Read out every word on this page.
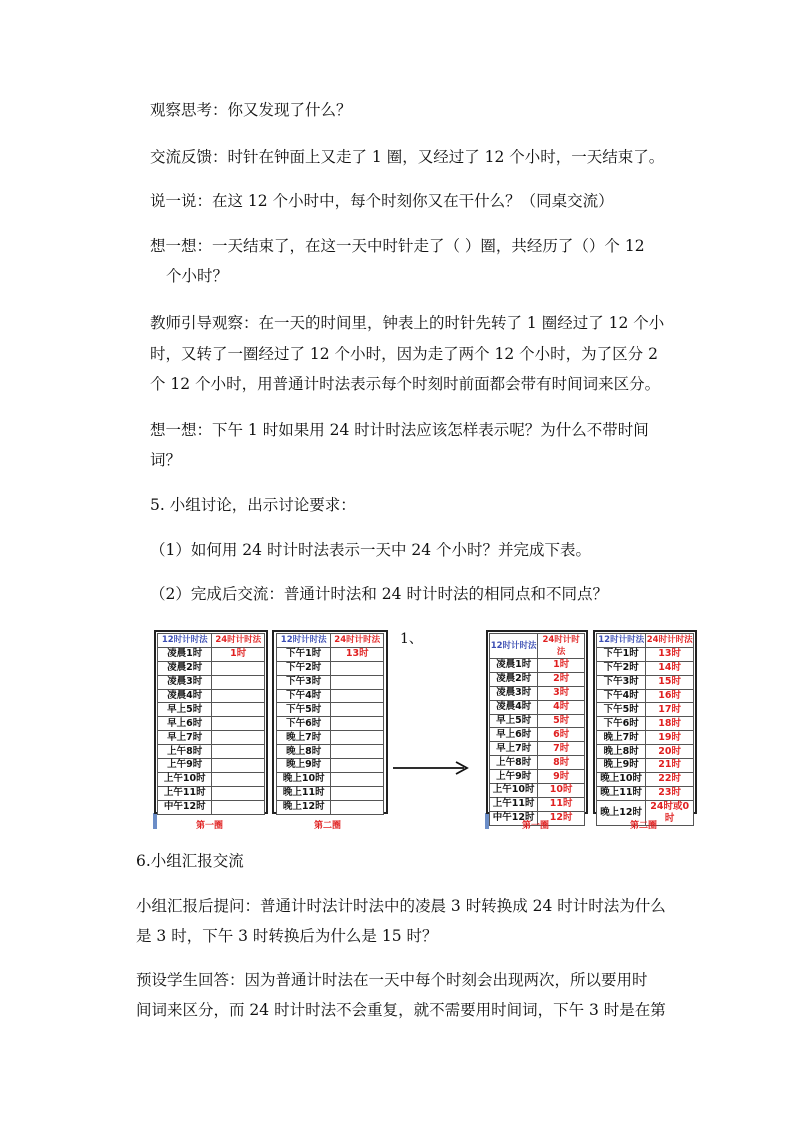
观察思考：你又发现了什么？
交流反馈：时针在钟面上又走了 1 圈，又经过了 12 个小时，一天结束了。
说一说：在这 12 个小时中，每个时刻你又在干什么？（同桌交流）
想一想：一天结束了，在这一天中时针走了（ ）圈，共经历了（）个 12
个小时？
教师引导观察：在一天的时间里，钟表上的时针先转了 1 圈经过了 12 个小
时，又转了一圈经过了 12 个小时，因为走了两个 12 个小时，为了区分 2
个 12 个小时，用普通计时法表示每个时刻时前面都会带有时间词来区分。
想一想：下午 1 时如果用 24 时计时法应该怎样表示呢？为什么不带时间
词？
5. 小组讨论，出示讨论要求：
（1）如何用 24 时计时法表示一天中 24 个小时？并完成下表。
（2）完成后交流：普通计时法和 24 时计时法的相同点和不同点？
12时计时法	24时计时法
凌晨1时	1时
凌晨2时	
凌晨3时	
凌晨4时	
早上5时	
早上6时	
早上7时	
上午8时	
上午9时	
上午10时	
上午11时	
中午12时	
12时计时法	24时计时法
下午1时	13时
下午2时	
下午3时	
下午4时	
下午5时	
下午6时	
晚上7时	
晚上8时	
晚上9时	
晚上10时	
晚上11时	
晚上12时	
第一圈	第二圈
1、	12时计时法	24时计时法
凌晨1时	1时
凌晨2时	2时
凌晨3时	3时
凌晨4时	4时
早上5时	5时
早上6时	6时
早上7时	7时
上午8时	8时
上午9时	9时
上午10时	10时
上午11时	11时
中午12时	12时
12时计时法	24时计时法
下午1时	13时
下午2时	14时
下午3时	15时
下午4时	16时
下午5时	17时
下午6时	18时
晚上7时	19时
晚上8时	20时
晚上9时	21时
晚上10时	22时
晚上11时	23时
晚上12时	24时或0时
第一圈	第二圈
6.小组汇报交流
小组汇报后提问：普通计时法计时法中的凌晨 3 时转换成 24 时计时法为什么
是 3 时，下午 3 时转换后为什么是 15 时？
预设学生回答：因为普通计时法在一天中每个时刻会出现两次，所以要用时
间词来区分，而 24 时计时法不会重复，就不需要用时间词，下午 3 时是在第
